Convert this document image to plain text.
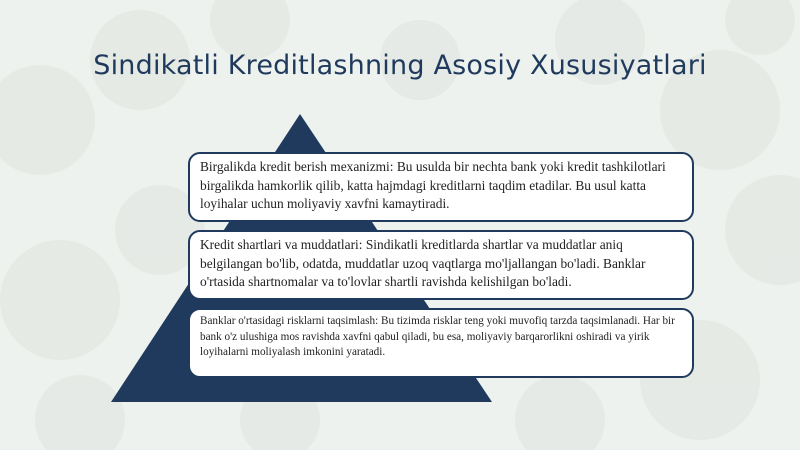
Sindikatli Kreditlashning Asosiy Xususiyatlari
Birgalikda kredit berish mexanizmi: Bu usulda bir nechta bank yoki kredit tashkilotlari birgalikda hamkorlik qilib, katta hajmdagi kreditlarni taqdim etadilar. Bu usul katta loyihalar uchun moliyaviy xavfni kamaytiradi.
Kredit shartlari va muddatlari: Sindikatli kreditlarda shartlar va muddatlar aniq belgilangan bo'lib, odatda, muddatlar uzoq vaqtlarga mo'ljallangan bo'ladi. Banklar o'rtasida shartnomalar va to'lovlar shartli ravishda kelishilgan bo'ladi.
Banklar o'rtasidagi risklarni taqsimlash: Bu tizimda risklar teng yoki muvofiq tarzda taqsimlanadi. Har bir bank o'z ulushiga mos ravishda xavfni qabul qiladi, bu esa, moliyaviy barqarorlikni oshiradi va yirik loyihalarni moliyalash imkonini yaratadi.
